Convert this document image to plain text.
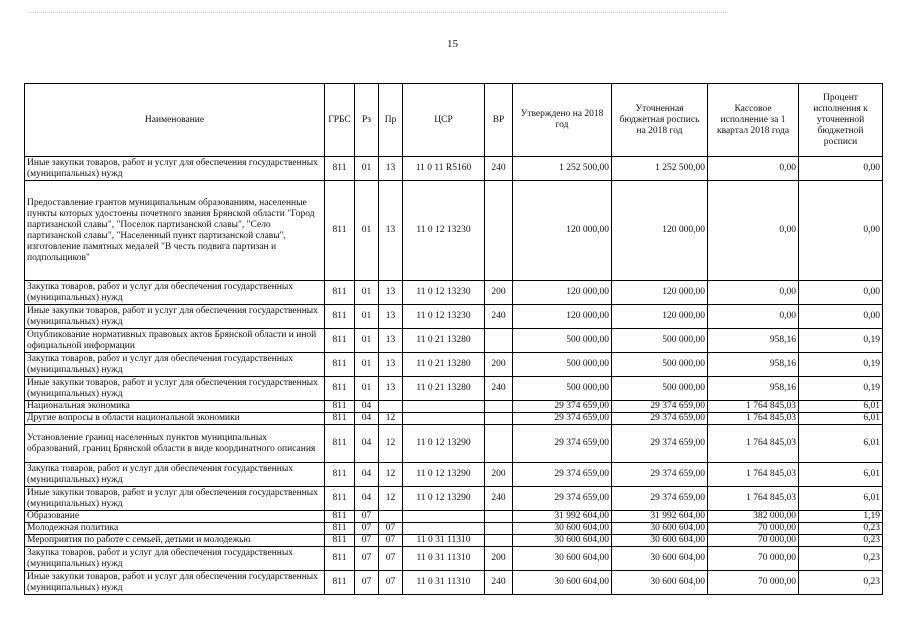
15
Наименование	ГРБС	Рз	Пр	ЦСР	ВР	Утверждено на 2018 год	Уточненная бюджетная роспись на 2018 год	Кассовое исполнение за 1 квартал 2018 года	Процент исполнения к уточненной бюджетной росписи
Иные закупки товаров, работ и услуг для обеспечения государственных (муниципальных) нужд	811	01	13	11 0 11 R5160	240	1 252 500,00	1 252 500,00	0,00	0,00
Предоставление грантов муниципальным образованиям, населенные пункты которых удостоены почетного звания Брянской области "Город партизанской славы", "Поселок партизанской славы", "Село партизанской славы", "Населенный пункт партизанской славы", изготовление памятных медалей "В честь подвига партизан и подпольщиков"	811	01	13	11 0 12 13230		120 000,00	120 000,00	0,00	0,00
Закупка товаров, работ и услуг для обеспечения государственных (муниципальных) нужд	811	01	13	11 0 12 13230	200	120 000,00	120 000,00	0,00	0,00
Иные закупки товаров, работ и услуг для обеспечения государственных (муниципальных) нужд	811	01	13	11 0 12 13230	240	120 000,00	120 000,00	0,00	0,00
Опубликование нормативных правовых актов Брянской области и иной официальной информации	811	01	13	11 0 21 13280		500 000,00	500 000,00	958,16	0,19
Закупка товаров, работ и услуг для обеспечения государственных (муниципальных) нужд	811	01	13	11 0 21 13280	200	500 000,00	500 000,00	958,16	0,19
Иные закупки товаров, работ и услуг для обеспечения государственных (муниципальных) нужд	811	01	13	11 0 21 13280	240	500 000,00	500 000,00	958,16	0,19
Национальная экономика	811	04				29 374 659,00	29 374 659,00	1 764 845,03	6,01
Другие вопросы в области национальной экономики	811	04	12			29 374 659,00	29 374 659,00	1 764 845,03	6,01
Установление границ населенных пунктов муниципальных образований, границ Брянской области в виде координатного описания	811	04	12	11 0 12 13290		29 374 659,00	29 374 659,00	1 764 845,03	6,01
Закупка товаров, работ и услуг для обеспечения государственных (муниципальных) нужд	811	04	12	11 0 12 13290	200	29 374 659,00	29 374 659,00	1 764 845,03	6,01
Иные закупки товаров, работ и услуг для обеспечения государственных (муниципальных) нужд	811	04	12	11 0 12 13290	240	29 374 659,00	29 374 659,00	1 764 845,03	6,01
Образование	811	07				31 992 604,00	31 992 604,00	382 000,00	1,19
Молодежная политика	811	07	07			30 600 604,00	30 600 604,00	70 000,00	0,23
Мероприятия по работе с семьей, детьми и молодежью	811	07	07	11 0 31 11310		30 600 604,00	30 600 604,00	70 000,00	0,23
Закупка товаров, работ и услуг для обеспечения государственных (муниципальных) нужд	811	07	07	11 0 31 11310	200	30 600 604,00	30 600 604,00	70 000,00	0,23
Иные закупки товаров, работ и услуг для обеспечения государственных (муниципальных) нужд	811	07	07	11 0 31 11310	240	30 600 604,00	30 600 604,00	70 000,00	0,23
